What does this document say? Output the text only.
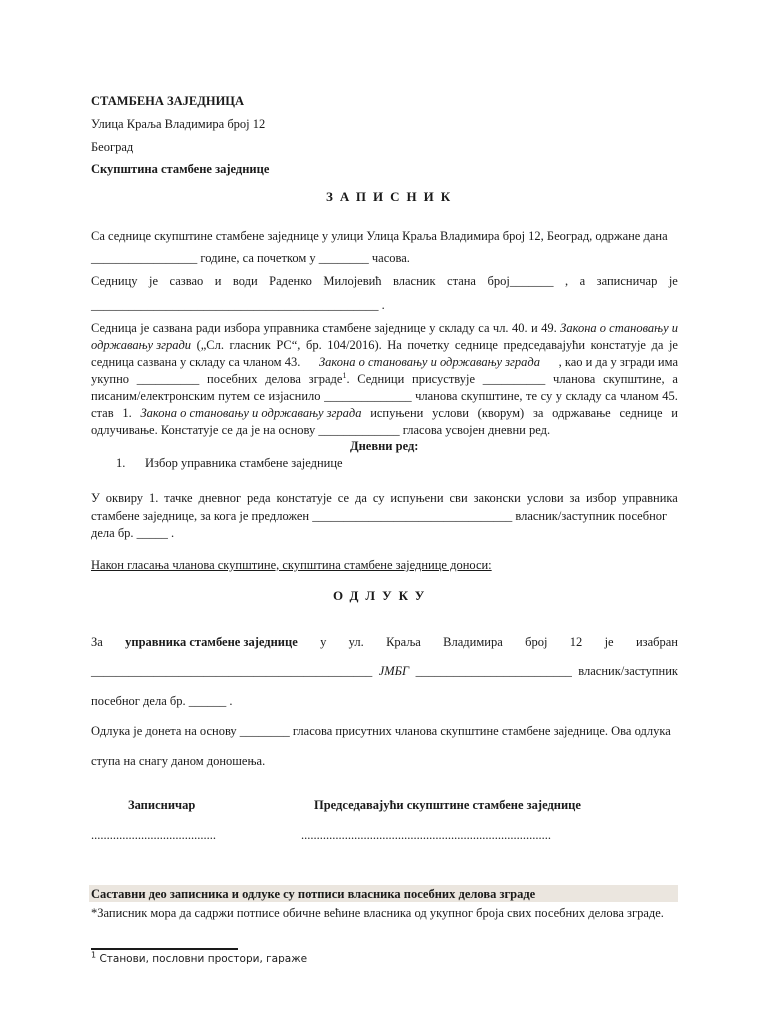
СТАМБЕНА ЗАЈЕДНИЦА
Улица Краља Владимира број 12
Београд
Скупштина стамбене заједнице
ЗАПИСНИК
Са седнице скупштине стамбене заједнице у улици Улица Краља Владимира број 12, Београд, одржане дана
_________________ године, са почетком у ________ часова.
Седницу је сазвао и води Раденко Милојевић власник стана број_______ , а записничар је
______________________________________________ .
Седница је сазвана ради избора управника стамбене заједнице у складу са чл. 40. и 49. Закона о становању и
одржавању згради („Сл. гласник РС“, бр. 104/2016). На почетку седнице председавајући констатује да је
седница сазвана у складу са чланом 43. Закона о становању и одржавању зграда , као и да у згради има
укупно __________ посебних делова зграде$^1$. Седници присуствује __________ чланова скупштине, а
писаним/електронским путем се изјаснило ______________ чланова скупштине, те су у складу са чланом 45.
став 1. Закона о становању и одржавању зграда испуњени услови (кворум) за одржавање седнице и
одлучивање. Констатује се да је на основу _____________ гласова усвојен дневни ред.
Дневни ред:
1. Избор управника стамбене заједнице
У оквиру 1. тачке дневног реда констатује се да су испуњени сви законски услови за избор управника
стамбене заједнице, за кога је предложен ________________________________ власник/заступник посебног
дела бр. _____ .
Након гласања чланова скупштине, скупштина стамбене заједнице доноси:
ОДЛУКУ
За управника стамбене заједнице у ул. Краља Владимира број 12 је изабран
_____________________________________________ ЈМБГ _________________________ власник/заступник
посебног дела бр. ______ .
Одлука је донета на основу ________ гласова присутних чланова скупштине стамбене заједнице. Ова одлука
ступа на снагу даном доношења.
Записничар	Председавајући скупштине стамбене заједнице
........................................	................................................................................
Саставни део записника и одлуке су потписи власника посебних делова зграде
*Записник мора да садржи потписе обичне већине власника од укупног броја свих посебних делова зграде.
$^1$ Станови, пословни простори, гараже
